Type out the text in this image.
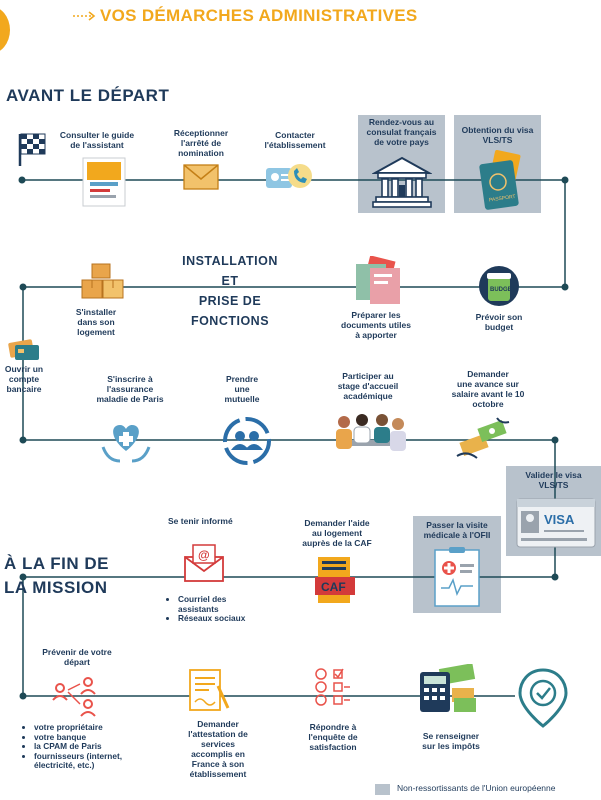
VOS DÉMARCHES ADMINISTRATIVES
AVANT LE DÉPART
Consulter le guide
de l'assistant
Réceptionner
l'arrêté de
nomination
Contacter
l'établissement
Rendez-vous au
consulat français
de votre pays
Obtention du visa
VLS/TS
PASSPORT
INSTALLATION
ET
PRISE DE
FONCTIONS
S'installer
dans son
logement
Préparer les
documents utiles
à apporter
BUDGET
Prévoir son
budget
Ouvrir un
compte
bancaire
S'inscrire à
l'assurance
maladie de Paris
Prendre
une
mutuelle
Participer au
stage d'accueil
académique
Demander
une avance sur
salaire avant le 10
octobre
Valider le visa
VLS/TS
VISA
Se tenir informé
@
• Courriel des assistants
• Réseaux sociaux
Demander l'aide
au logement
auprès de la CAF
CAF
Passer la visite
médicale à l'OFII
À LA FIN DE
LA MISSION
Prévenir de votre
départ
• votre propriétaire
• votre banque
• la CPAM de Paris
• fournisseurs (internet, électricité, etc.)
Demander
l'attestation de
services
accomplis en
France à son
établissement
Répondre à
l'enquête de
satisfaction
Se renseigner
sur les impôts
Non-ressortissants de l'Union européenne
